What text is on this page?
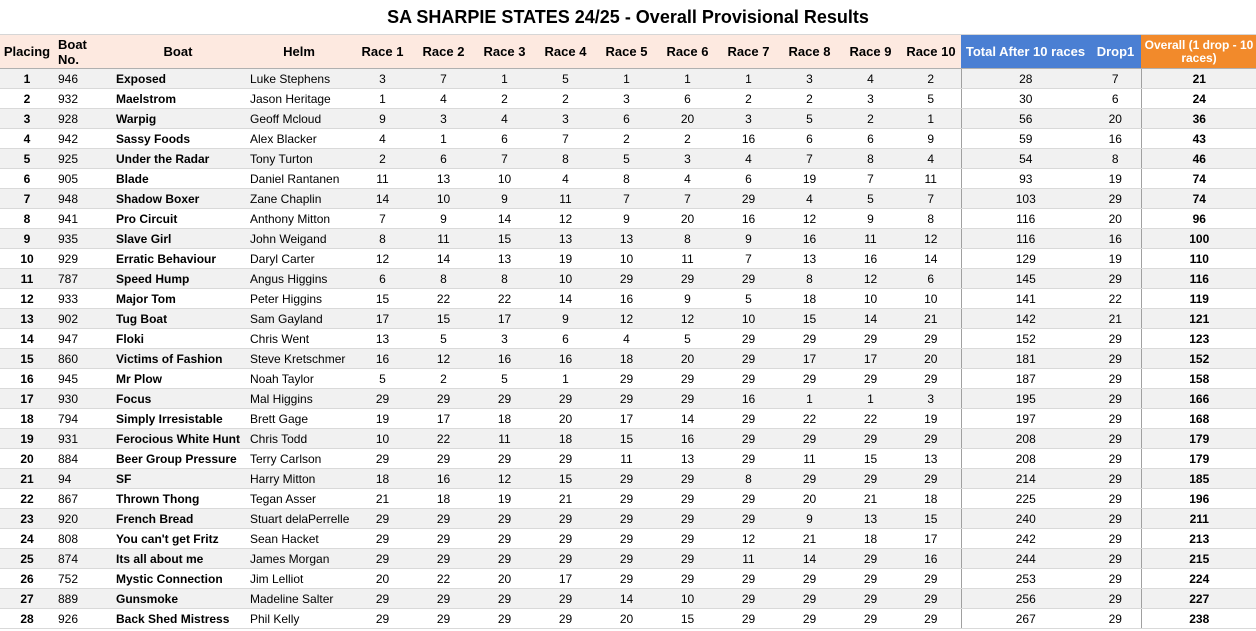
SA SHARPIE STATES 24/25 - Overall Provisional Results
Placing	Boat No.	Boat	Helm	Race 1	Race 2	Race 3	Race 4	Race 5	Race 6	Race 7	Race 8	Race 9	Race 10	Total After 10 races	Drop1	Overall (1 drop - 10 races)
1	946	Exposed	Luke Stephens	3	7	1	5	1	1	1	3	4	2	28	7	21
2	932	Maelstrom	Jason Heritage	1	4	2	2	3	6	2	2	3	5	30	6	24
3	928	Warpig	Geoff Mcloud	9	3	4	3	6	20	3	5	2	1	56	20	36
4	942	Sassy Foods	Alex Blacker	4	1	6	7	2	2	16	6	6	9	59	16	43
5	925	Under the Radar	Tony Turton	2	6	7	8	5	3	4	7	8	4	54	8	46
6	905	Blade	Daniel Rantanen	11	13	10	4	8	4	6	19	7	11	93	19	74
7	948	Shadow Boxer	Zane Chaplin	14	10	9	11	7	7	29	4	5	7	103	29	74
8	941	Pro Circuit	Anthony Mitton	7	9	14	12	9	20	16	12	9	8	116	20	96
9	935	Slave Girl	John Weigand	8	11	15	13	13	8	9	16	11	12	116	16	100
10	929	Erratic Behaviour	Daryl Carter	12	14	13	19	10	11	7	13	16	14	129	19	110
11	787	Speed Hump	Angus Higgins	6	8	8	10	29	29	29	8	12	6	145	29	116
12	933	Major Tom	Peter Higgins	15	22	22	14	16	9	5	18	10	10	141	22	119
13	902	Tug Boat	Sam Gayland	17	15	17	9	12	12	10	15	14	21	142	21	121
14	947	Floki	Chris Went	13	5	3	6	4	5	29	29	29	29	152	29	123
15	860	Victims of Fashion	Steve Kretschmer	16	12	16	16	18	20	29	17	17	20	181	29	152
16	945	Mr Plow	Noah Taylor	5	2	5	1	29	29	29	29	29	29	187	29	158
17	930	Focus	Mal Higgins	29	29	29	29	29	29	16	1	1	3	195	29	166
18	794	Simply Irresistable	Brett Gage	19	17	18	20	17	14	29	22	22	19	197	29	168
19	931	Ferocious White Hunt	Chris Todd	10	22	11	18	15	16	29	29	29	29	208	29	179
20	884	Beer Group Pressure	Terry Carlson	29	29	29	29	11	13	29	11	15	13	208	29	179
21	94	SF	Harry Mitton	18	16	12	15	29	29	8	29	29	29	214	29	185
22	867	Thrown Thong	Tegan Asser	21	18	19	21	29	29	29	20	21	18	225	29	196
23	920	French Bread	Stuart delaPerrelle	29	29	29	29	29	29	29	9	13	15	240	29	211
24	808	You can't get Fritz	Sean Hacket	29	29	29	29	29	29	12	21	18	17	242	29	213
25	874	Its all about me	James Morgan	29	29	29	29	29	29	11	14	29	16	244	29	215
26	752	Mystic Connection	Jim Lelliot	20	22	20	17	29	29	29	29	29	29	253	29	224
27	889	Gunsmoke	Madeline Salter	29	29	29	29	14	10	29	29	29	29	256	29	227
28	926	Back Shed Mistress	Phil Kelly	29	29	29	29	20	15	29	29	29	29	267	29	238
